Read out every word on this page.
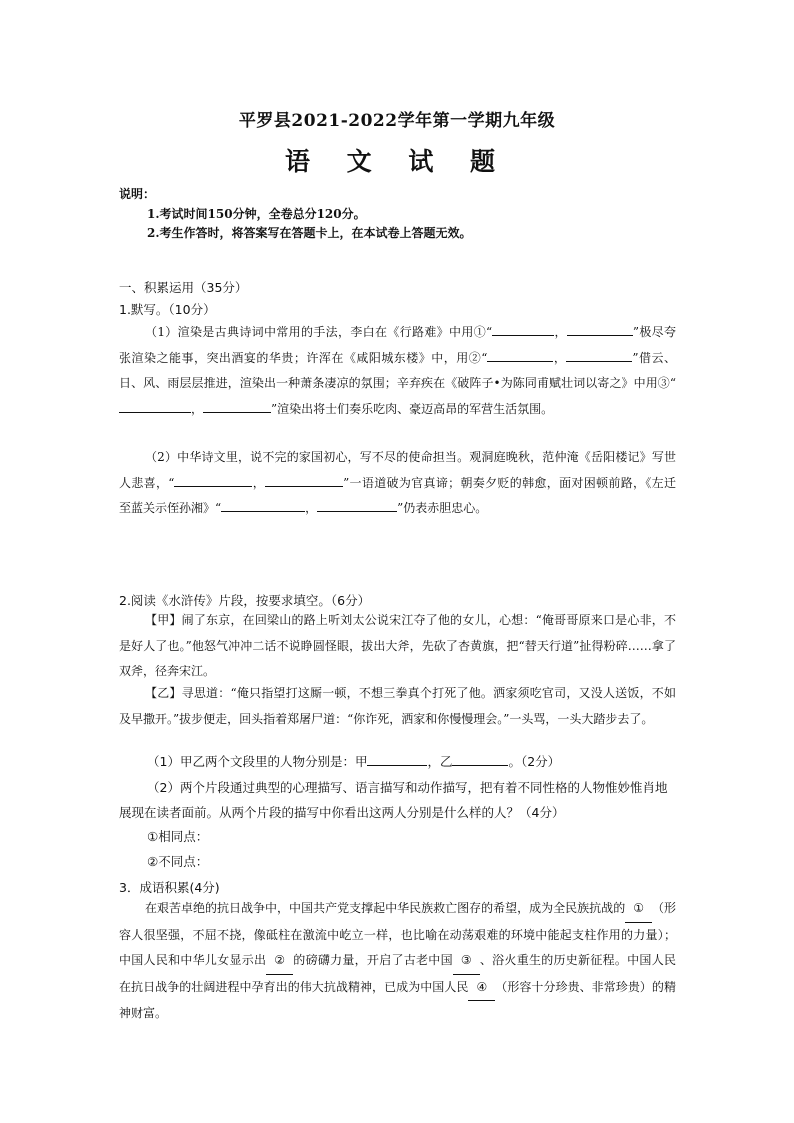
平罗县2021-2022学年第一学期九年级
语 文 试 题
说明：
1.考试时间150分钟，全卷总分120分。
2.考生作答时，将答案写在答题卡上，在本试卷上答题无效。
一、积累运用（35分）
1.默写。（10分）
（1）渲染是古典诗词中常用的手法，李白在《行路难》中用①“	，	”极尽夸张渲染之能事，突出酒宴的华贵；许浑在《咸阳城东楼》中，用②“	，	”借云、日、风、雨层层推进，渲染出一种萧条凄凉的氛围；辛弃疾在《破阵子•为陈同甫赋壮词以寄之》中用③“，	”渲染出将士们奏乐吃肉、豪迈高昂的军营生活氛围。
（2）中华诗文里，说不完的家国初心，写不尽的使命担当。观洞庭晚秋，范仲淹《岳阳楼记》写世人悲喜，“	，	”一语道破为官真谛；朝奏夕贬的韩愈，面对困顿前路，《左迁至蓝关示侄孙湘》“	，	”仍表赤胆忠心。
2.阅读《水浒传》片段，按要求填空。（6分）
【甲】闹了东京，在回梁山的路上听刘太公说宋江夺了他的女儿，心想：“俺哥哥原来口是心非，不是好人了也。”他怒气冲冲二话不说睁圆怪眼，拔出大斧，先砍了杏黄旗，把“替天行道”扯得粉碎……拿了双斧，径奔宋江。
【乙】寻思道：“俺只指望打这厮一顿，不想三拳真个打死了他。洒家须吃官司，又没人送饭，不如及早撒开。”拔步便走，回头指着郑屠尸道：“你诈死，洒家和你慢慢理会。”一头骂，一头大踏步去了。
（1）甲乙两个文段里的人物分别是：甲	，乙	。（2分）
（2）两个片段通过典型的心理描写、语言描写和动作描写，把有着不同性格的人物惟妙惟肖地展现在读者面前。从两个片段的描写中你看出这两人分别是什么样的人？（4分）
①相同点：
②不同点：
3．成语积累(4分)
在艰苦卓绝的抗日战争中，中国共产党支撑起中华民族救亡图存的希望，成为全民族抗战的 ① （形容人很坚强，不屈不挠，像砥柱在激流中屹立一样，也比喻在动荡艰难的环境中能起支柱作用的力量）；中国人民和中华儿女显示出 ② 的磅礴力量，开启了古老中国 ③ 、浴火重生的历史新征程。中国人民在抗日战争的壮阔进程中孕育出的伟大抗战精神，已成为中国人民 ④ （形容十分珍贵、非常珍贵）的精神财富。
